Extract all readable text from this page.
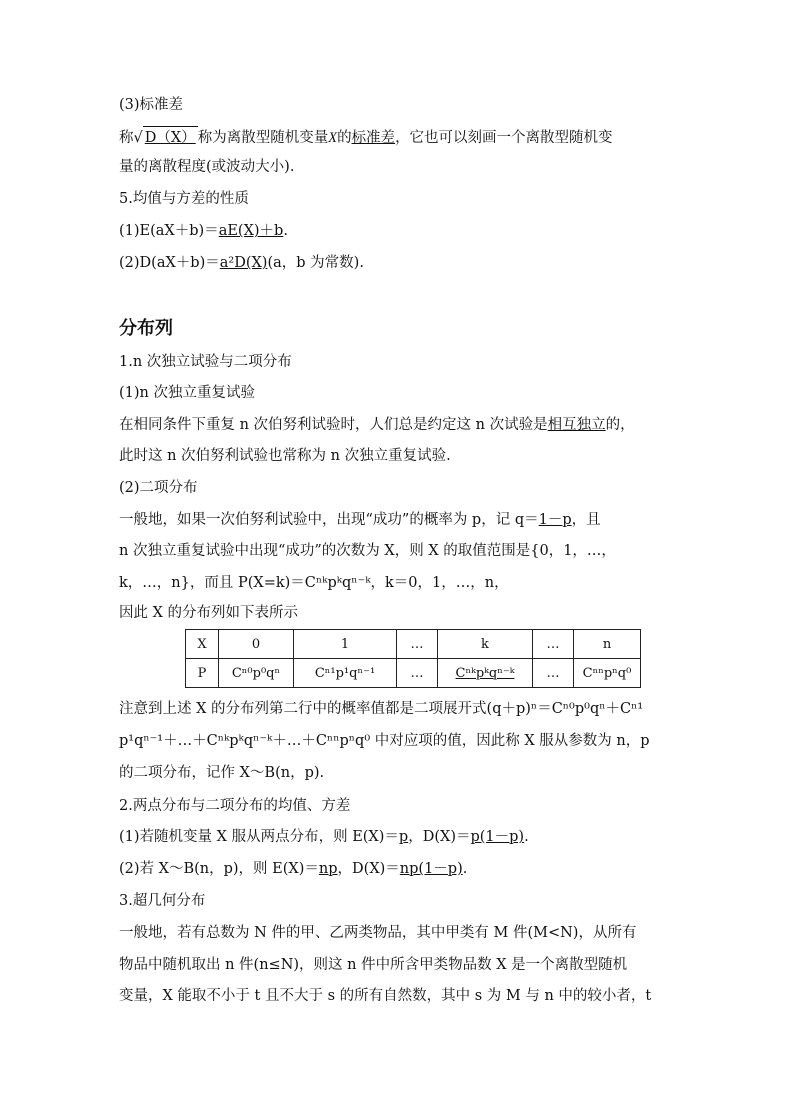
(3)标准差
称√ D（X） 称为离散型随机变量X的标准差，它也可以刻画一个离散型随机变
量的离散程度(或波动大小).
5.均值与方差的性质
(1)E(aX＋b)＝aE(X)＋b.
(2)D(aX＋b)＝a²D(X)(a，b 为常数).
分布列
1.n 次独立试验与二项分布
(1)n 次独立重复试验
在相同条件下重复 n 次伯努利试验时，人们总是约定这 n 次试验是相互独立的，
此时这 n 次伯努利试验也常称为 n 次独立重复试验.
(2)二项分布
一般地，如果一次伯努利试验中，出现“成功”的概率为 p，记 q＝1－p，且
n 次独立重复试验中出现“成功”的次数为 X，则 X 的取值范围是{0，1，…，
k，…，n}，而且 P(X=k)＝Cⁿᵏpᵏqⁿ⁻ᵏ，k＝0，1，…，n，
因此 X 的分布列如下表所示
X	0	1	…	k	…	n
P	Cⁿ⁰p⁰qⁿ	Cⁿ¹p¹qⁿ⁻¹	…	Cⁿᵏpᵏqⁿ⁻ᵏ	…	Cⁿⁿpⁿq⁰
注意到上述 X 的分布列第二行中的概率值都是二项展开式(q＋p)ⁿ＝Cⁿ⁰p⁰qⁿ＋Cⁿ¹
p¹qⁿ⁻¹＋…＋Cⁿᵏpᵏqⁿ⁻ᵏ＋…＋Cⁿⁿpⁿq⁰ 中对应项的值，因此称 X 服从参数为 n，p
的二项分布，记作 X～B(n，p).
2.两点分布与二项分布的均值、方差
(1)若随机变量 X 服从两点分布，则 E(X)＝p，D(X)＝p(1－p).
(2)若 X～B(n，p)，则 E(X)＝np，D(X)＝np(1－p).
3.超几何分布
一般地，若有总数为 N 件的甲、乙两类物品，其中甲类有 M 件(M<N)，从所有
物品中随机取出 n 件(n≤N)，则这 n 件中所含甲类物品数 X 是一个离散型随机
变量，X 能取不小于 t 且不大于 s 的所有自然数，其中 s 为 M 与 n 中的较小者，t
